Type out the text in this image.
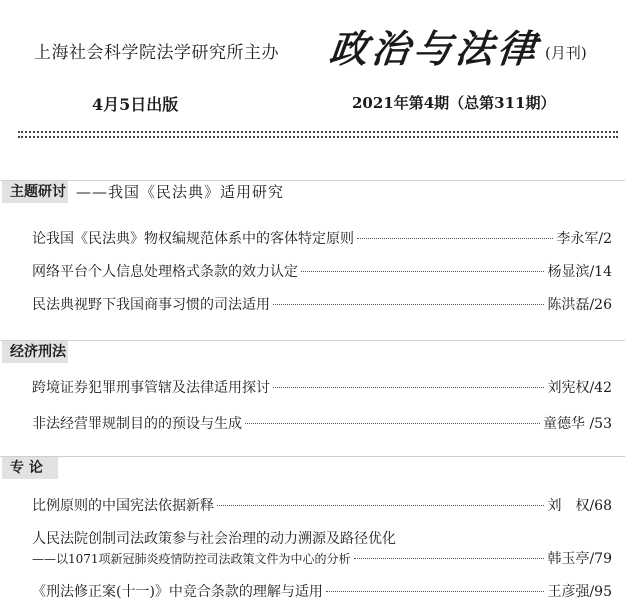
上海社会科学院法学研究所主办 政治与法律 (月刊)
4月5日出版	2021年第4期（总第311期）
主题研讨 ——我国《民法典》适用研究
论我国《民法典》物权编规范体系中的客体特定原则	李永军/2
网络平台个人信息处理格式条款的效力认定	杨显滨/14
民法典视野下我国商事习惯的司法适用	陈洪磊/26
经济刑法
跨境证券犯罪刑事管辖及法律适用探讨	刘宪权/42
非法经营罪规制目的的预设与生成	童德华 /53
专 论
比例原则的中国宪法依据新释	刘　权/68
人民法院创制司法政策参与社会治理的动力溯源及路径优化
——以1071项新冠肺炎疫情防控司法政策文件为中心的分析	韩玉亭/79
《刑法修正案(十一)》中竞合条款的理解与适用	王彦强/95
